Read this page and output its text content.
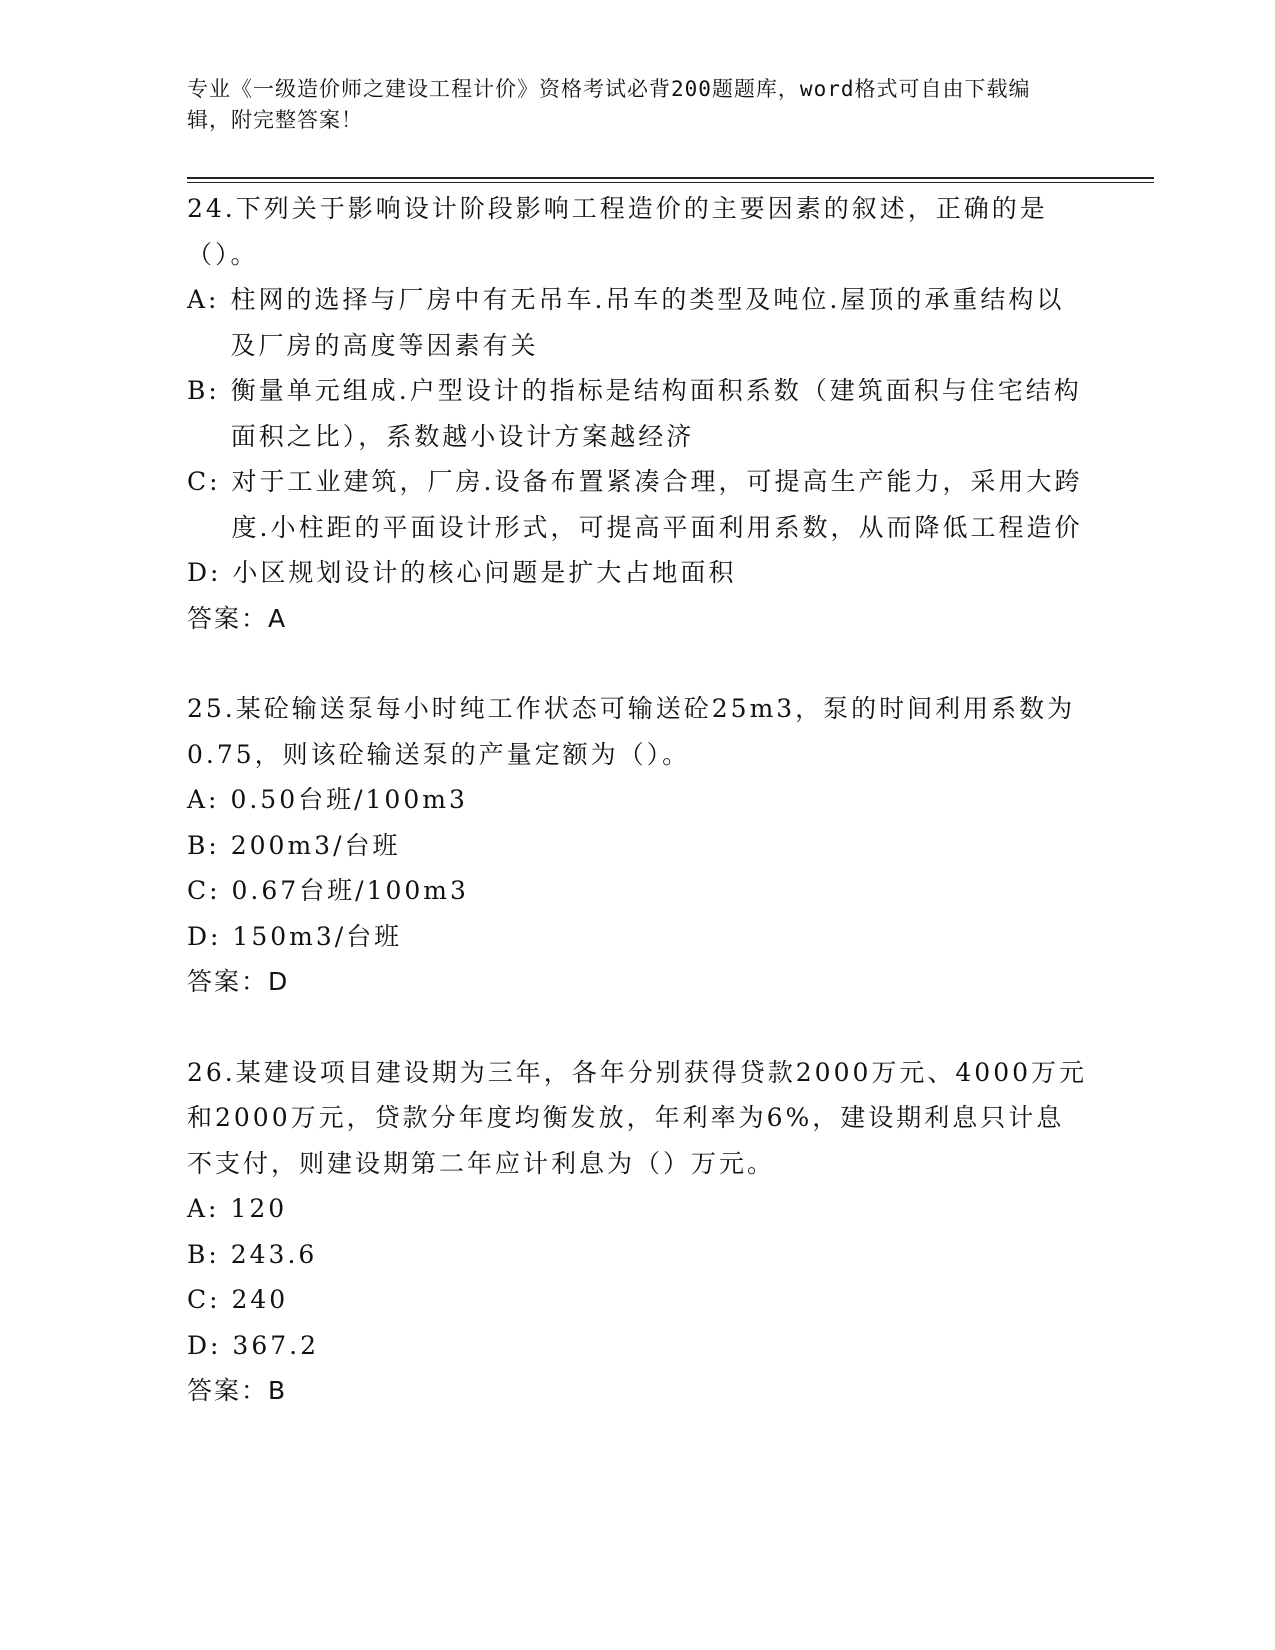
专业《一级造价师之建设工程计价》资格考试必背200题题库，word格式可自由下载编辑，附完整答案！
24.下列关于影响设计阶段影响工程造价的主要因素的叙述，正确的是（）。
A: 柱网的选择与厂房中有无吊车.吊车的类型及吨位.屋顶的承重结构以及厂房的高度等因素有关
B: 衡量单元组成.户型设计的指标是结构面积系数（建筑面积与住宅结构面积之比），系数越小设计方案越经济
C: 对于工业建筑，厂房.设备布置紧凑合理，可提高生产能力，采用大跨度.小柱距的平面设计形式，可提高平面利用系数，从而降低工程造价
D: 小区规划设计的核心问题是扩大占地面积
答案：A
25.某砼输送泵每小时纯工作状态可输送砼25m3，泵的时间利用系数为0.75，则该砼输送泵的产量定额为（）。
A: 0.50台班/100m3
B: 200m3/台班
C: 0.67台班/100m3
D: 150m3/台班
答案：D
26.某建设项目建设期为三年，各年分别获得贷款2000万元、4000万元和2000万元，贷款分年度均衡发放，年利率为6%，建设期利息只计息不支付，则建设期第二年应计利息为（）万元。
A: 120
B: 243.6
C: 240
D: 367.2
答案：B
